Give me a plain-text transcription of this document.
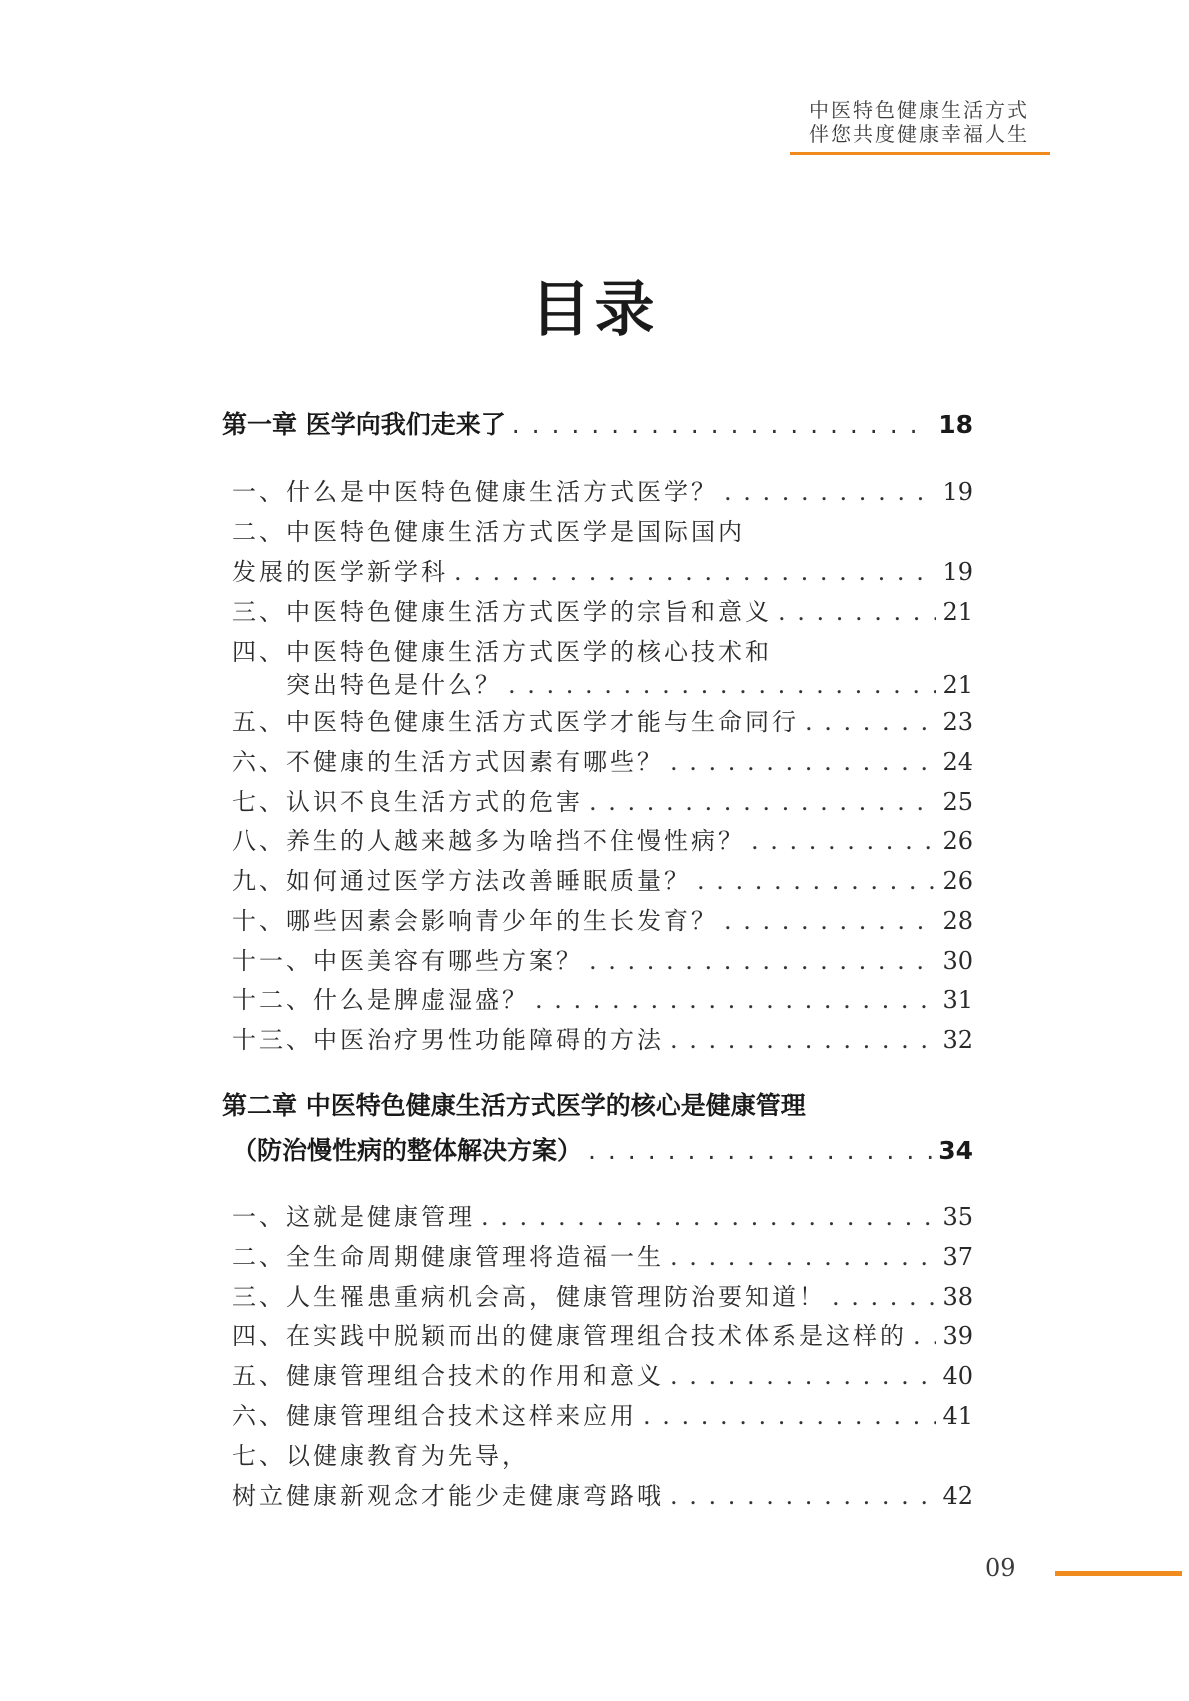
中医特色健康生活方式
伴您共度健康幸福人生
目录
第一章 医学向我们走来了 . . .	18
一、什么是中医特色健康生活方式医学？ . . .	19
二、中医特色健康生活方式医学是国际国内
发展的医学新学科 . . .	19
三、中医特色健康生活方式医学的宗旨和意义 . . .	21
四、中医特色健康生活方式医学的核心技术和
突出特色是什么？ . . .	21
五、中医特色健康生活方式医学才能与生命同行 . . .	23
六、不健康的生活方式因素有哪些？ . . .	24
七、认识不良生活方式的危害 . . .	25
八、养生的人越来越多为啥挡不住慢性病？ . . .	26
九、如何通过医学方法改善睡眠质量？ . . .	26
十、哪些因素会影响青少年的生长发育？ . . .	28
十一、中医美容有哪些方案？ . . .	30
十二、什么是脾虚湿盛？ . . .	31
十三、中医治疗男性功能障碍的方法 . . .	32
第二章 中医特色健康生活方式医学的核心是健康管理
（防治慢性病的整体解决方案） . . .	34
一、这就是健康管理 . . .	35
二、全生命周期健康管理将造福一生 . . .	37
三、人生罹患重病机会高，健康管理防治要知道！ . . .	38
四、在实践中脱颖而出的健康管理组合技术体系是这样的 . . . 39
五、健康管理组合技术的作用和意义 . . .	40
六、健康管理组合技术这样来应用 . . .	41
七、以健康教育为先导，
树立健康新观念才能少走健康弯路哦 . . .	42
09
